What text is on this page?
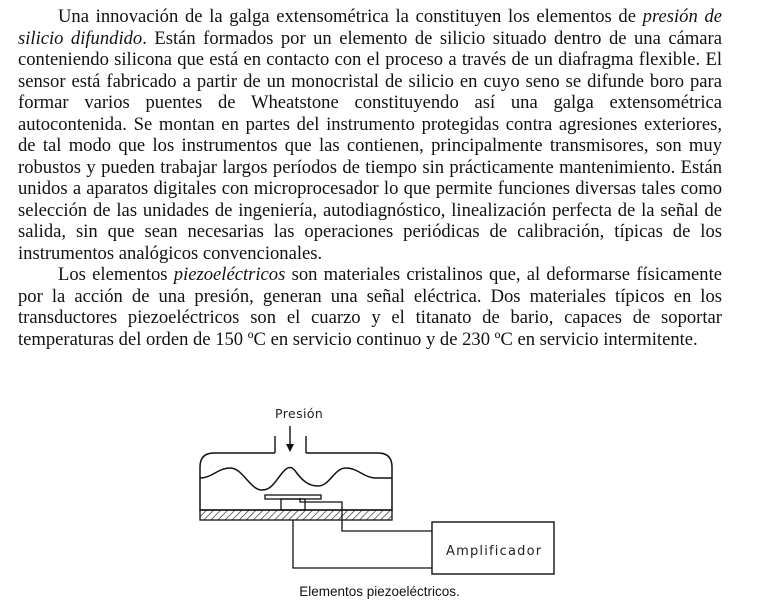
Una innovación de la galga extensométrica la constituyen los elementos de presión de silicio difundido. Están formados por un elemento de silicio situado dentro de una cámara conteniendo silicona que está en contacto con el proceso a través de un diafragma flexible. El sensor está fabricado a partir de un monocristal de silicio en cuyo seno se difunde boro para formar varios puentes de Wheatstone constituyendo así una galga extensométrica autocontenida. Se montan en partes del instrumento protegidas contra agresiones exteriores, de tal modo que los instrumentos que las contienen, principalmente transmisores, son muy robustos y pueden trabajar largos períodos de tiempo sin prácticamente mantenimiento. Están unidos a aparatos digitales con microprocesador lo que permite funciones diversas tales como selección de las unidades de ingeniería, autodiagnóstico, linealización perfecta de la señal de salida, sin que sean necesarias las operaciones periódicas de calibración, típicas de los instrumentos analógicos convencionales.

Los elementos piezoeléctricos son materiales cristalinos que, al deformarse físicamente por la acción de una presión, generan una señal eléctrica. Dos materiales típicos en los transductores piezoeléctricos son el cuarzo y el titanato de bario, capaces de soportar temperaturas del orden de 150 ºC en servicio continuo y de 230 ºC en servicio intermitente.

Presión
Amplificador
Elementos piezoeléctricos.
